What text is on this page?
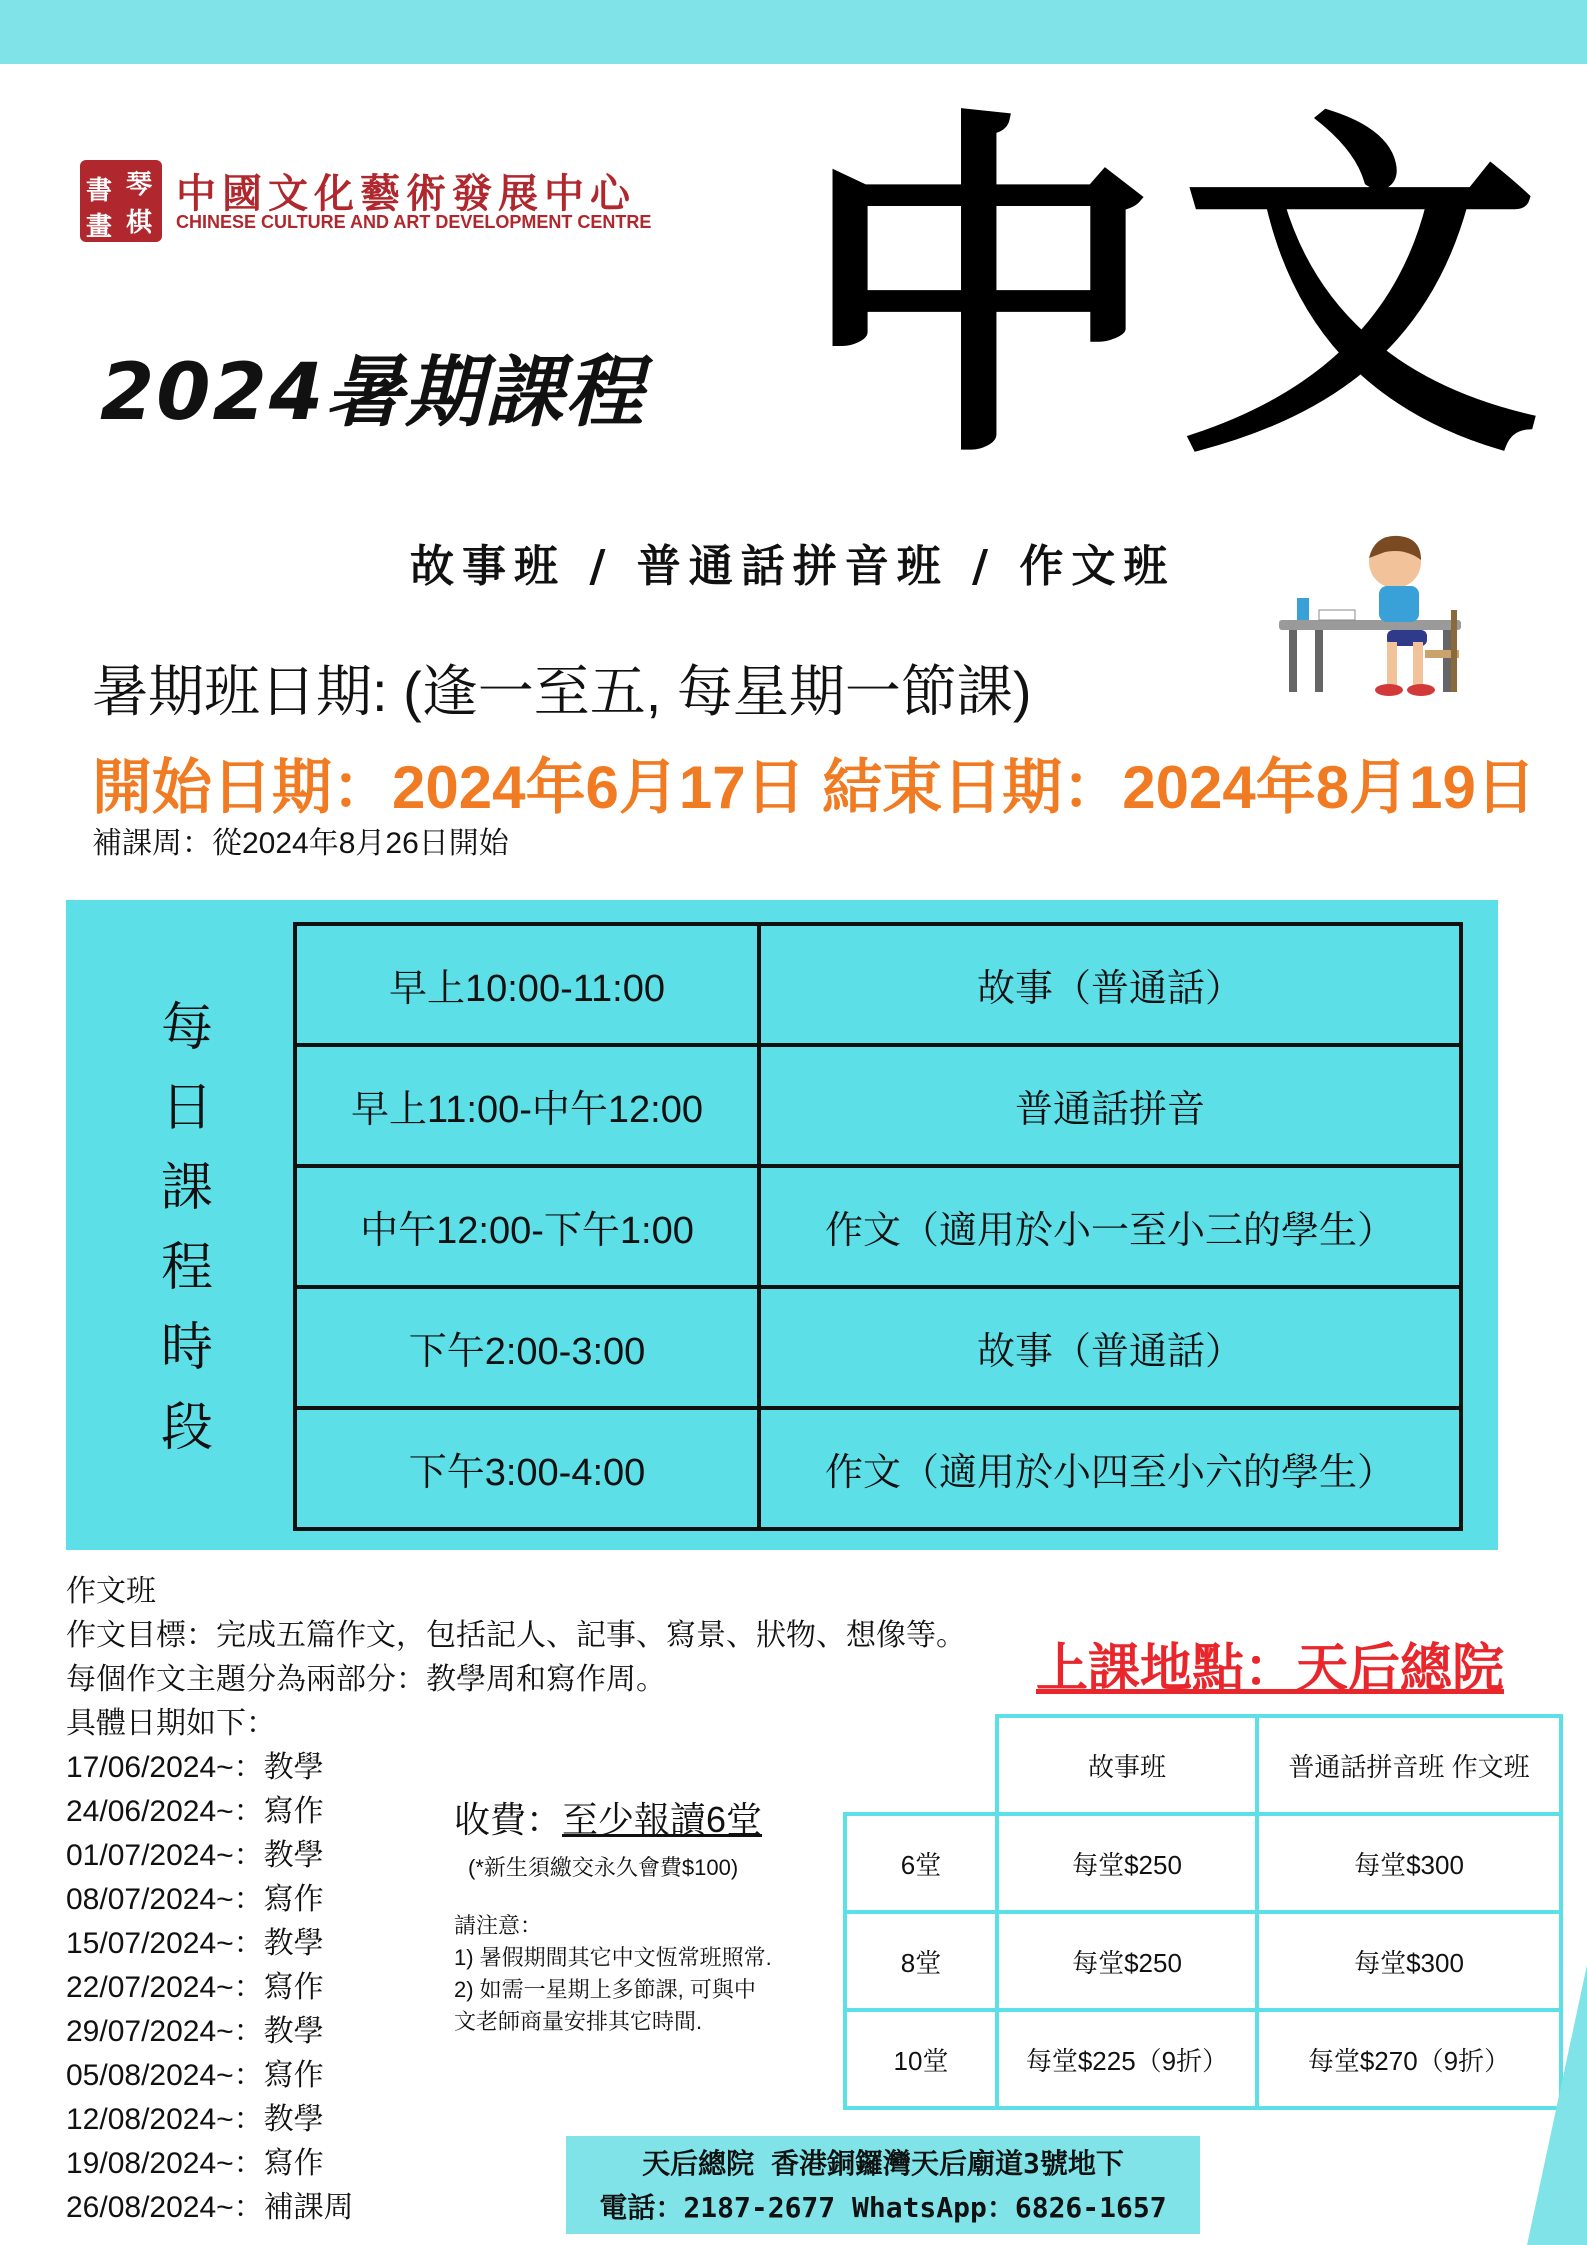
琴
書
棋
畫
中國文化藝術發展中心
CHINESE CULTURE AND ART DEVELOPMENT CENTRE
2024暑期課程 中文
故事班 / 普通話拼音班 / 作文班
暑期班日期: (逢一至五, 每星期一節課)
開始日期：2024年6月17日 結束日期：2024年8月19日
補課周：從2024年8月26日開始
每
日
課
程
時
段
早上10:00-11:00	故事（普通話）
早上11:00-中午12:00	普通話拼音
中午12:00-下午1:00	作文（適用於小一至小三的學生）
下午2:00-3:00	故事（普通話）
下午3:00-4:00	作文（適用於小四至小六的學生）
作文班
作文目標：完成五篇作文，包括記人、記事、寫景、狀物、想像等。
每個作文主題分為兩部分：教學周和寫作周。
具體日期如下：
17/06/2024~：教學
24/06/2024~：寫作
01/07/2024~：教學
08/07/2024~：寫作
15/07/2024~：教學
22/07/2024~：寫作
29/07/2024~：教學
05/08/2024~：寫作
12/08/2024~：教學
19/08/2024~：寫作
26/08/2024~：補課周
收費：至少報讀6堂
(*新生須繳交永久會費$100)
請注意：
1) 暑假期間其它中文恆常班照常.
2) 如需一星期上多節課, 可與中
文老師商量安排其它時間.
上課地點：天后總院
	故事班	普通話拼音班 作文班
6堂	每堂$250	每堂$300
8堂	每堂$250	每堂$300
10堂	每堂$225（9折）	每堂$270（9折）
天后總院 香港銅鑼灣天后廟道3號地下
電話：2187-2677 WhatsApp：6826-1657
